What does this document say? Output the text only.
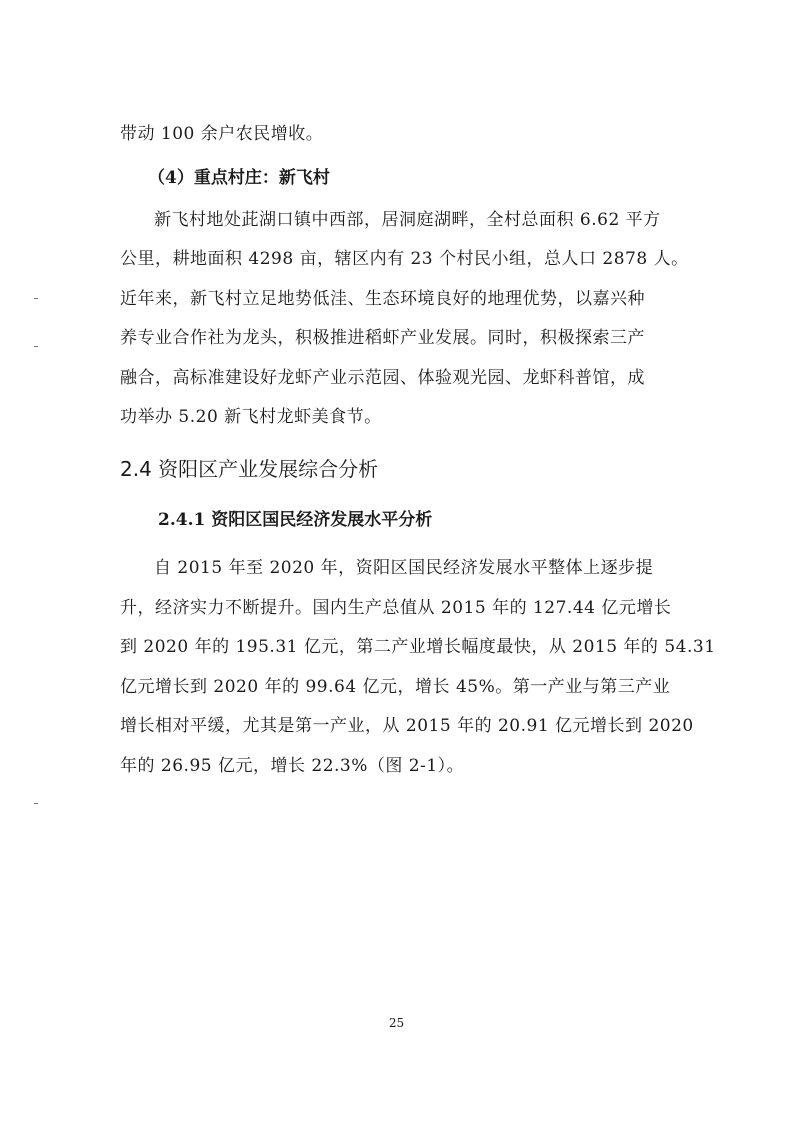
带动 100 余户农民增收。
（4）重点村庄：新飞村
新飞村地处茈湖口镇中西部，居洞庭湖畔，全村总面积 6.62 平方
公里，耕地面积 4298 亩，辖区内有 23 个村民小组，总人口 2878 人。
近年来，新飞村立足地势低洼、生态环境良好的地理优势，以嘉兴种
养专业合作社为龙头，积极推进稻虾产业发展。同时，积极探索三产
融合，高标准建设好龙虾产业示范园、体验观光园、龙虾科普馆，成
功举办 5.20 新飞村龙虾美食节。
2.4 资阳区产业发展综合分析
2.4.1 资阳区国民经济发展水平分析
自 2015 年至 2020 年，资阳区国民经济发展水平整体上逐步提
升，经济实力不断提升。国内生产总值从 2015 年的 127.44 亿元增长
到 2020 年的 195.31 亿元，第二产业增长幅度最快，从 2015 年的 54.31
亿元增长到 2020 年的 99.64 亿元，增长 45%。第一产业与第三产业
增长相对平缓，尤其是第一产业，从 2015 年的 20.91 亿元增长到 2020
年的 26.95 亿元，增长 22.3%（图 2-1）。
25
